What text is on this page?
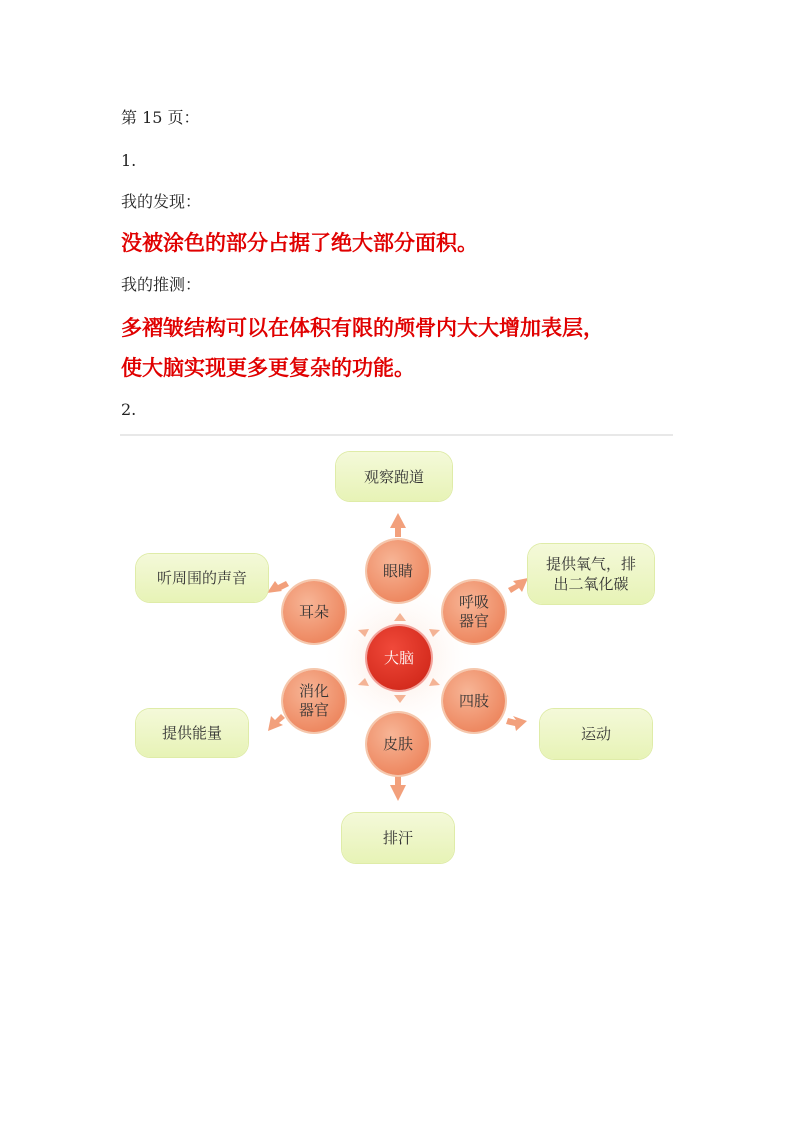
第 15 页：
1.
我的发现：
没被涂色的部分占据了绝大部分面积。
我的推测：
多褶皱结构可以在体积有限的颅骨内大大增加表层，
使大脑实现更多更复杂的功能。
2.
观察跑道
听周围的声音
提供氧气，排出二氧化碳
提供能量	运动
排汗
眼睛
耳朵
呼吸器官
大脑
消化器官
四肢
皮肤
